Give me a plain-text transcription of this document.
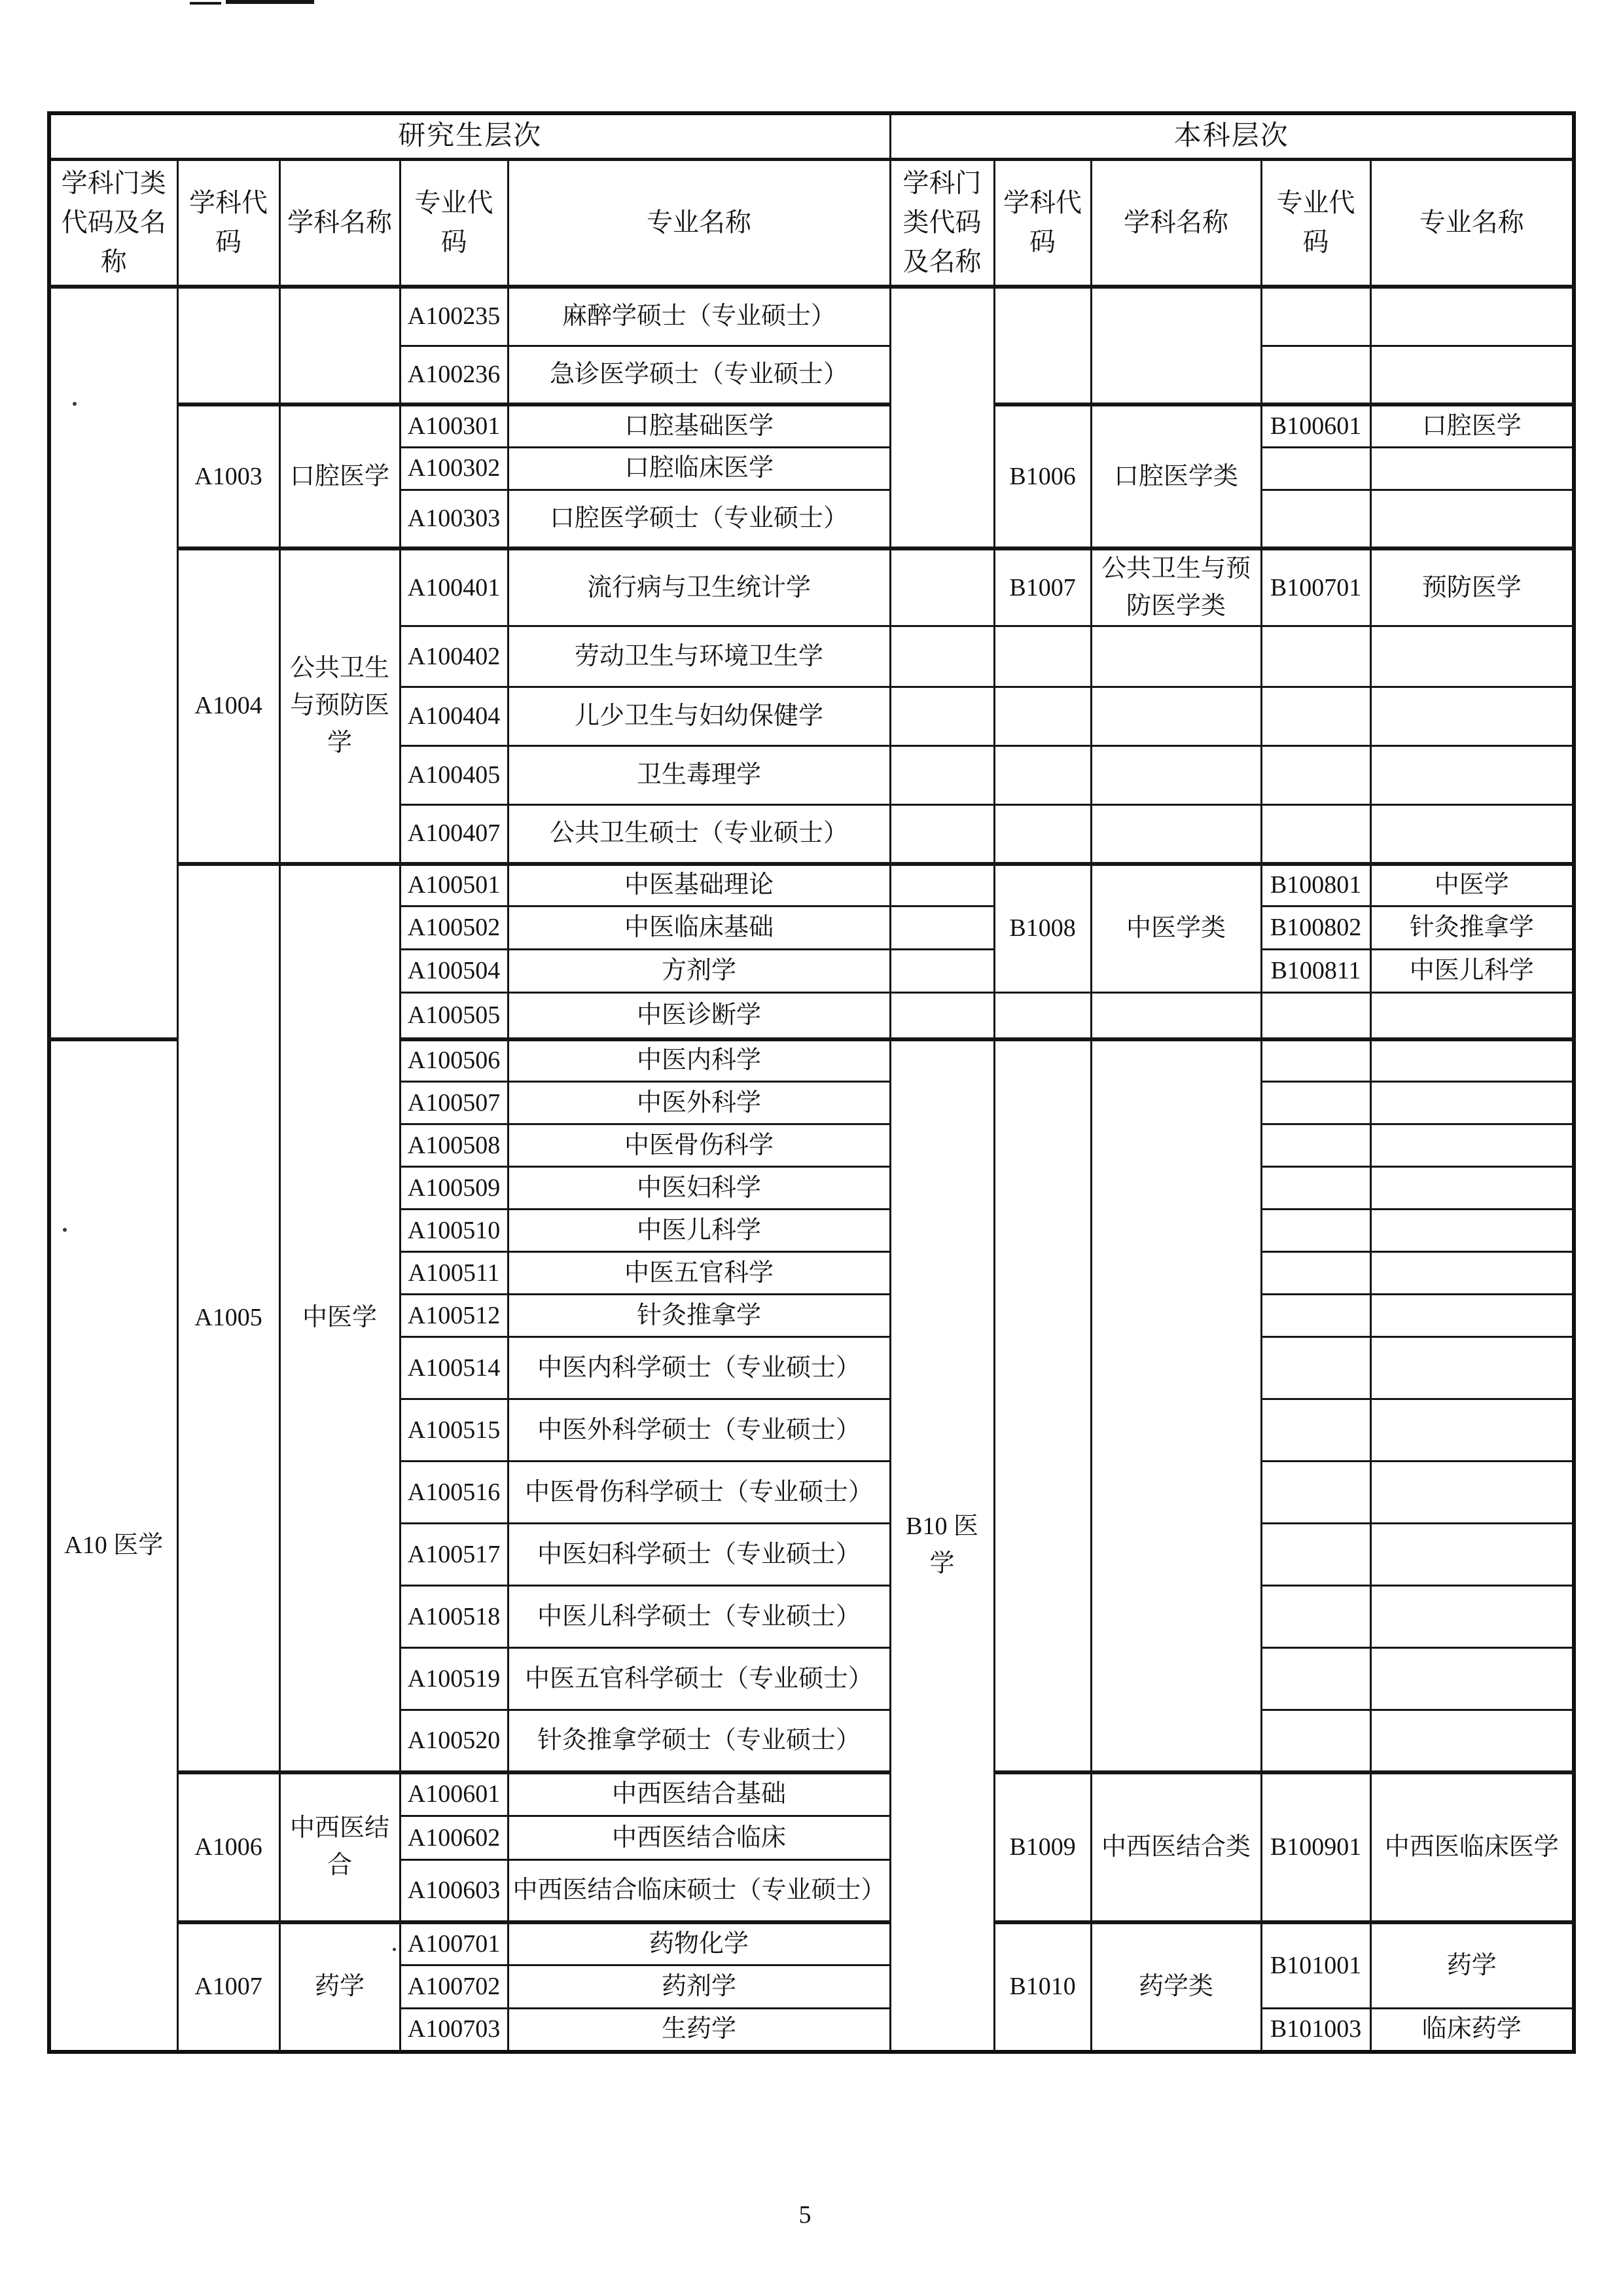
研究生层次					本科层次				
学科门类代码及名称	学科代码	学科名称	专业代码	专业名称	学科门类代码及名称	学科代码	学科名称	专业代码	专业名称
			A100235	麻醉学硕士（专业硕士）					
			A100236	急诊医学硕士（专业硕士）					
	A1003	口腔医学	A100301	口腔基础医学		B1006	口腔医学类	B100601	口腔医学
			A100302	口腔临床医学					
			A100303	口腔医学硕士（专业硕士）					
	A1004	公共卫生与预防医学	A100401	流行病与卫生统计学		B1007	公共卫生与预防医学类	B100701	预防医学
			A100402	劳动卫生与环境卫生学					
			A100404	儿少卫生与妇幼保健学					
			A100405	卫生毒理学					
			A100407	公共卫生硕士（专业硕士）					
	A1005	中医学	A100501	中医基础理论		B1008	中医学类	B100801	中医学
			A100502	中医临床基础				B100802	针灸推拿学
			A100504	方剂学				B100811	中医儿科学
			A100505	中医诊断学					
A10 医学			A100506	中医内科学	B10 医学				
			A100507	中医外科学					
			A100508	中医骨伤科学					
			A100509	中医妇科学					
			A100510	中医儿科学					
			A100511	中医五官科学					
			A100512	针灸推拿学					
			A100514	中医内科学硕士（专业硕士）					
			A100515	中医外科学硕士（专业硕士）					
			A100516	中医骨伤科学硕士（专业硕士）					
			A100517	中医妇科学硕士（专业硕士）					
			A100518	中医儿科学硕士（专业硕士）					
			A100519	中医五官科学硕士（专业硕士）					
			A100520	针灸推拿学硕士（专业硕士）					
	A1006	中西医结合	A100601	中西医结合基础		B1009	中西医结合类	B100901	中西医临床医学
			A100602	中西医结合临床					
			A100603	中西医结合临床硕士（专业硕士）					
	A1007	药学	A100701	药物化学		B1010	药学类	B101001	药学
			A100702	药剂学					
			A100703	生药学				B101003	临床药学
5
